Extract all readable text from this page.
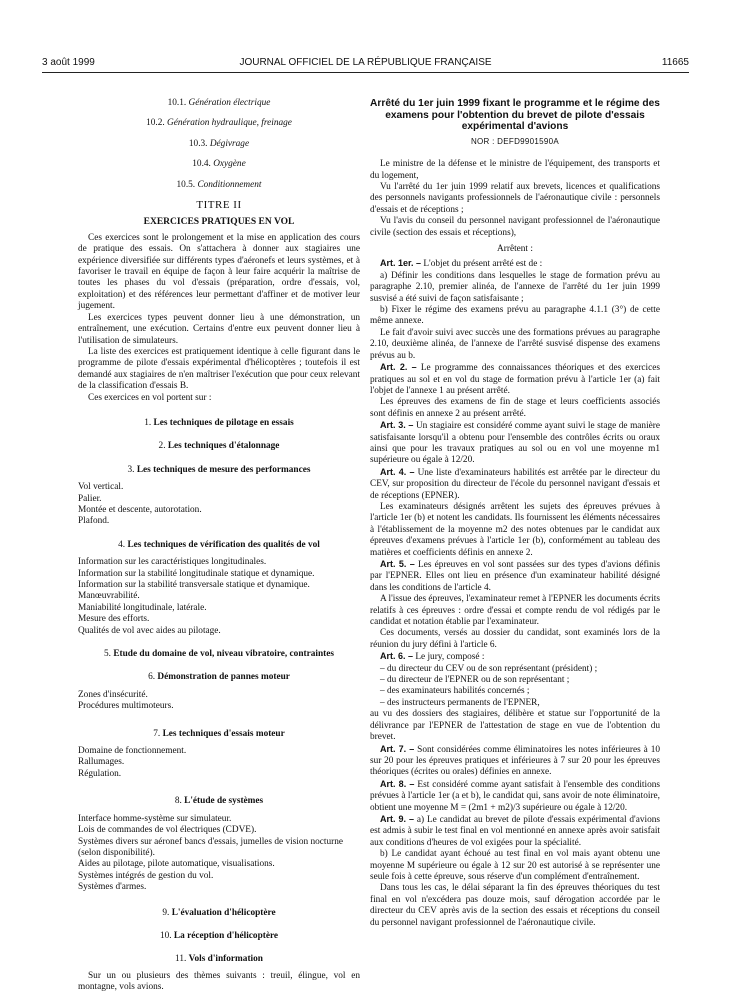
3 août 1999	JOURNAL OFFICIEL DE LA RÉPUBLIQUE FRANÇAISE	11665
10.1. Génération électrique
10.2. Génération hydraulique, freinage
10.3. Dégivrage
10.4. Oxygène
10.5. Conditionnement
TITRE II
EXERCICES PRATIQUES EN VOL

Ces exercices sont le prolongement et la mise en application des cours de pratique des essais. On s'attachera à donner aux stagiaires une expérience diversifiée sur différents types d'aéronefs et leurs systèmes, et à favoriser le travail en équipe de façon à leur faire acquérir la maîtrise de toutes les phases du vol d'essais (préparation, ordre d'essais, vol, exploitation) et des références leur permettant d'affiner et de motiver leur jugement.

Les exercices types peuvent donner lieu à une démonstration, un entraînement, une exécution. Certains d'entre eux peuvent donner lieu à l'utilisation de simulateurs.

La liste des exercices est pratiquement identique à celle figurant dans le programme de pilote d'essais expérimental d'hélicoptères ; toutefois il est demandé aux stagiaires de n'en maîtriser l'exécution que pour ceux relevant de la classification d'essais B.

Ces exercices en vol portent sur :

1. Les techniques de pilotage en essais
2. Les techniques d'étalonnage
3. Les techniques de mesure des performances

Vol vertical.

Palier.

Montée et descente, autorotation.

Plafond.

4. Les techniques de vérification des qualités de vol

Information sur les caractéristiques longitudinales.

Information sur la stabilité longitudinale statique et dynamique.

Information sur la stabilité transversale statique et dynamique.

Manœuvrabilité.

Maniabilité longitudinale, latérale.

Mesure des efforts.

Qualités de vol avec aides au pilotage.

5. Etude du domaine de vol, niveau vibratoire, contraintes
6. Démonstration de pannes moteur

Zones d'insécurité.

Procédures multimoteurs.

7. Les techniques d'essais moteur

Domaine de fonctionnement.

Rallumages.

Régulation.

8. L'étude de systèmes

Interface homme-système sur simulateur.

Lois de commandes de vol électriques (CDVE).

Systèmes divers sur aéronef bancs d'essais, jumelles de vision nocturne (selon disponibilité).

Aides au pilotage, pilote automatique, visualisations.

Systèmes intégrés de gestion du vol.

Systèmes d'armes.

9. L'évaluation d'hélicoptère
10. La réception d'hélicoptère
11. Vols d'information

Sur un ou plusieurs des thèmes suivants : treuil, élingue, vol en montagne, vols avions.

Arrêté du 1er juin 1999 fixant le programme et le régime des examens pour l'obtention du brevet de pilote d'essais expérimental d'avions
NOR : DEFD9901590A

Le ministre de la défense et le ministre de l'équipement, des transports et du logement,

Vu l'arrêté du 1er juin 1999 relatif aux brevets, licences et qualifications des personnels navigants professionnels de l'aéronautique civile : personnels d'essais et de réceptions ;

Vu l'avis du conseil du personnel navigant professionnel de l'aéronautique civile (section des essais et réceptions),

Arrêtent :

Art. 1er. – L'objet du présent arrêté est de :

a) Définir les conditions dans lesquelles le stage de formation prévu au paragraphe 2.10, premier alinéa, de l'annexe de l'arrêté du 1er juin 1999 susvisé a été suivi de façon satisfaisante ;

b) Fixer le régime des examens prévu au paragraphe 4.1.1 (3°) de cette même annexe.

Le fait d'avoir suivi avec succès une des formations prévues au paragraphe 2.10, deuxième alinéa, de l'annexe de l'arrêté susvisé dispense des examens prévus au b.

Art. 2. – Le programme des connaissances théoriques et des exercices pratiques au sol et en vol du stage de formation prévu à l'article 1er (a) fait l'objet de l'annexe 1 au présent arrêté.

Les épreuves des examens de fin de stage et leurs coefficients associés sont définis en annexe 2 au présent arrêté.

Art. 3. – Un stagiaire est considéré comme ayant suivi le stage de manière satisfaisante lorsqu'il a obtenu pour l'ensemble des contrôles écrits ou oraux ainsi que pour les travaux pratiques au sol ou en vol une moyenne m1 supérieure ou égale à 12/20.

Art. 4. – Une liste d'examinateurs habilités est arrêtée par le directeur du CEV, sur proposition du directeur de l'école du personnel navigant d'essais et de réceptions (EPNER).

Les examinateurs désignés arrêtent les sujets des épreuves prévues à l'article 1er (b) et notent les candidats. Ils fournissent les éléments nécessaires à l'établissement de la moyenne m2 des notes obtenues par le candidat aux épreuves d'examens prévues à l'article 1er (b), conformément au tableau des matières et coefficients définis en annexe 2.

Art. 5. – Les épreuves en vol sont passées sur des types d'avions définis par l'EPNER. Elles ont lieu en présence d'un examinateur habilité désigné dans les conditions de l'article 4.

A l'issue des épreuves, l'examinateur remet à l'EPNER les documents écrits relatifs à ces épreuves : ordre d'essai et compte rendu de vol rédigés par le candidat et notation établie par l'examinateur.

Ces documents, versés au dossier du candidat, sont examinés lors de la réunion du jury défini à l'article 6.

Art. 6. – Le jury, composé :

– du directeur du CEV ou de son représentant (président) ;

– du directeur de l'EPNER ou de son représentant ;

– des examinateurs habilités concernés ;

– des instructeurs permanents de l'EPNER,

au vu des dossiers des stagiaires, délibère et statue sur l'opportunité de la délivrance par l'EPNER de l'attestation de stage en vue de l'obtention du brevet.

Art. 7. – Sont considérées comme éliminatoires les notes inférieures à 10 sur 20 pour les épreuves pratiques et inférieures à 7 sur 20 pour les épreuves théoriques (écrites ou orales) définies en annexe.

Art. 8. – Est considéré comme ayant satisfait à l'ensemble des conditions prévues à l'article 1er (a et b), le candidat qui, sans avoir de note éliminatoire, obtient une moyenne M = (2m1 + m2)/3 supérieure ou égale à 12/20.

Art. 9. – a) Le candidat au brevet de pilote d'essais expérimental d'avions est admis à subir le test final en vol mentionné en annexe après avoir satisfait aux conditions d'heures de vol exigées pour la spécialité.

b) Le candidat ayant échoué au test final en vol mais ayant obtenu une moyenne M supérieure ou égale à 12 sur 20 est autorisé à se représenter une seule fois à cette épreuve, sous réserve d'un complément d'entraînement.

Dans tous les cas, le délai séparant la fin des épreuves théoriques du test final en vol n'excédera pas douze mois, sauf dérogation accordée par le directeur du CEV après avis de la section des essais et réceptions du conseil du personnel navigant professionnel de l'aéronautique civile.
